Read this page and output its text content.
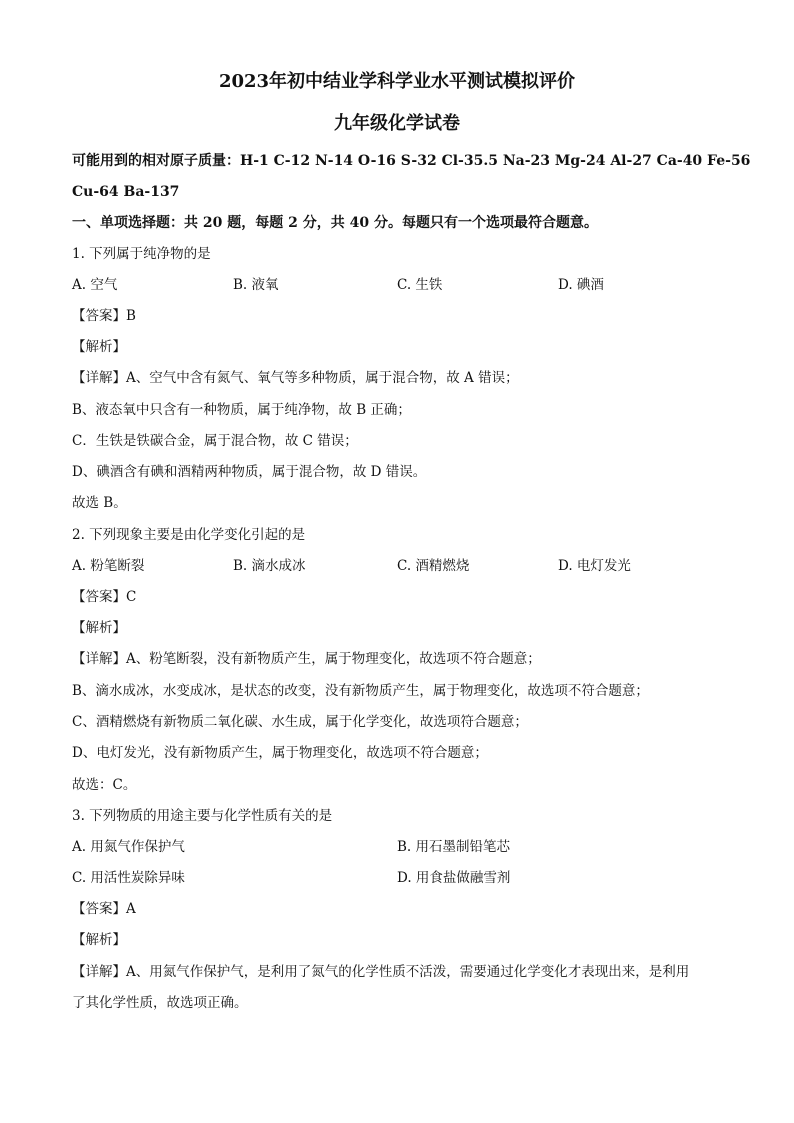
2023年初中结业学科学业水平测试模拟评价
九年级化学试卷
可能用到的相对原子质量：H-1 C-12 N-14 O-16 S-32 Cl-35.5 Na-23 Mg-24 Al-27 Ca-40 Fe-56
Cu-64 Ba-137
一、单项选择题：共 20 题，每题 2 分，共 40 分。每题只有一个选项最符合题意。
1. 下列属于纯净物的是
A. 空气	B. 液氧	C. 生铁	D. 碘酒
【答案】B
【解析】
【详解】A、空气中含有氮气、氧气等多种物质，属于混合物，故 A 错误；
B、液态氧中只含有一种物质，属于纯净物，故 B 正确；
C．生铁是铁碳合金，属于混合物，故 C 错误；
D、碘酒含有碘和酒精两种物质，属于混合物，故 D 错误。
故选 B。
2. 下列现象主要是由化学变化引起的是
A. 粉笔断裂	B. 滴水成冰	C. 酒精燃烧	D. 电灯发光
【答案】C
【解析】
【详解】A、粉笔断裂，没有新物质产生，属于物理变化，故选项不符合题意；
B、滴水成冰，水变成冰，是状态的改变，没有新物质产生，属于物理变化，故选项不符合题意；
C、酒精燃烧有新物质二氧化碳、水生成，属于化学变化，故选项符合题意；
D、电灯发光，没有新物质产生，属于物理变化，故选项不符合题意；
故选：C。
3. 下列物质的用途主要与化学性质有关的是
A. 用氮气作保护气	B. 用石墨制铅笔芯
C. 用活性炭除异味	D. 用食盐做融雪剂
【答案】A
【解析】
【详解】A、用氮气作保护气，是利用了氮气的化学性质不活泼，需要通过化学变化才表现出来，是利用
了其化学性质，故选项正确。
